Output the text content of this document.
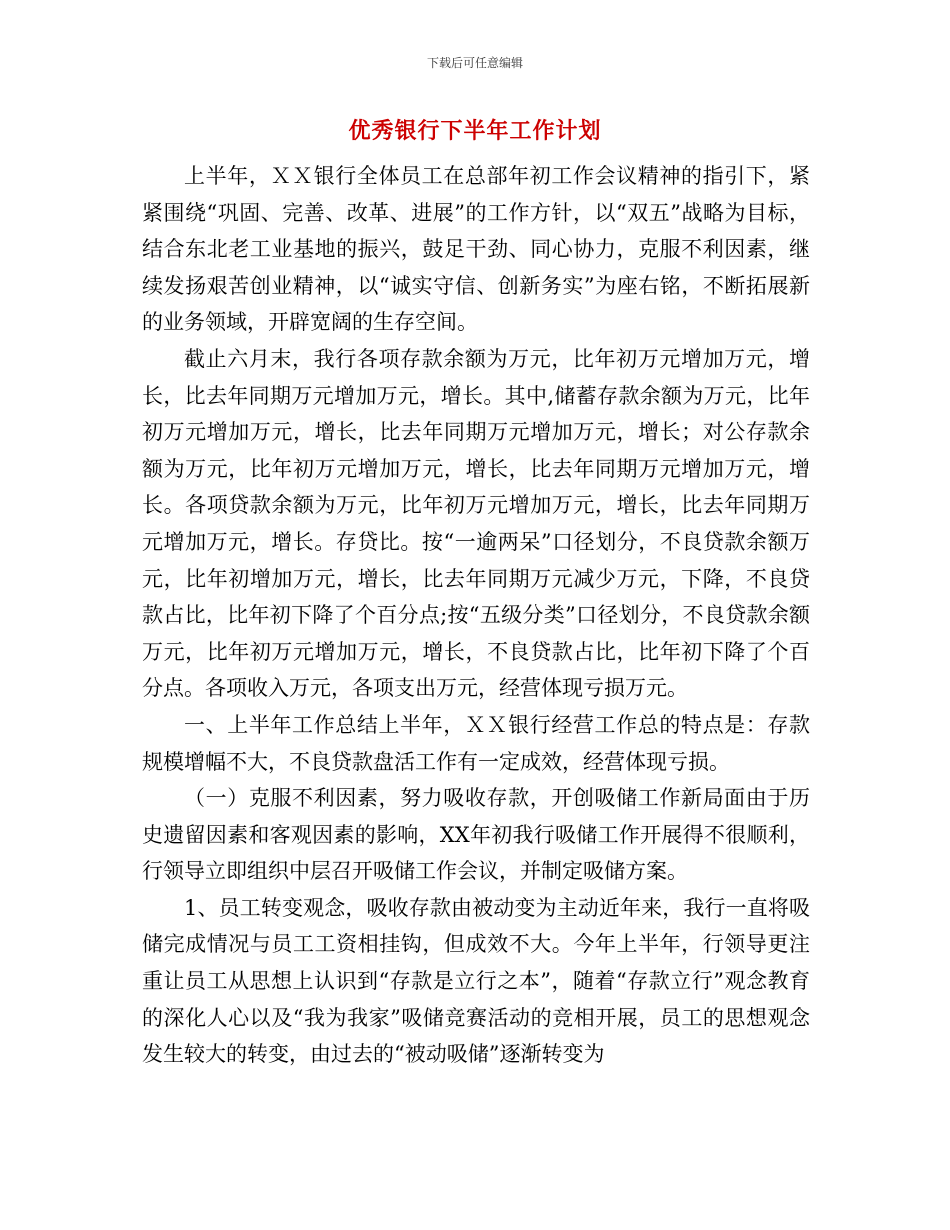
下载后可任意编辑
优秀银行下半年工作计划

上半年，ＸＸ银行全体员工在总部年初工作会议精神的指引下，紧紧围绕“巩固、完善、改革、进展”的工作方针，以“双五”战略为目标，结合东北老工业基地的振兴，鼓足干劲、同心协力，克服不利因素，继续发扬艰苦创业精神，以“诚实守信、创新务实”为座右铭，不断拓展新的业务领域，开辟宽阔的生存空间。

截止六月末，我行各项存款余额为万元，比年初万元增加万元，增长，比去年同期万元增加万元，增长。其中,储蓄存款余额为万元，比年初万元增加万元，增长，比去年同期万元增加万元，增长；对公存款余额为万元，比年初万元增加万元，增长，比去年同期万元增加万元，增长。各项贷款余额为万元，比年初万元增加万元，增长，比去年同期万元增加万元，增长。存贷比。按“一逾两呆”口径划分，不良贷款余额万元，比年初增加万元，增长，比去年同期万元减少万元，下降，不良贷款占比，比年初下降了个百分点;按“五级分类”口径划分，不良贷款余额万元，比年初万元增加万元，增长，不良贷款占比，比年初下降了个百分点。各项收入万元，各项支出万元，经营体现亏损万元。

一、上半年工作总结上半年，ＸＸ银行经营工作总的特点是：存款规模增幅不大，不良贷款盘活工作有一定成效，经营体现亏损。

（一）克服不利因素，努力吸收存款，开创吸储工作新局面由于历史遗留因素和客观因素的影响，XX年初我行吸储工作开展得不很顺利，行领导立即组织中层召开吸储工作会议，并制定吸储方案。

1、员工转变观念，吸收存款由被动变为主动近年来，我行一直将吸储完成情况与员工工资相挂钩，但成效不大。今年上半年，行领导更注重让员工从思想上认识到“存款是立行之本”，随着“存款立行”观念教育的深化人心以及“我为我家”吸储竞赛活动的竞相开展，员工的思想观念发生较大的转变，由过去的“被动吸储”逐渐转变为
